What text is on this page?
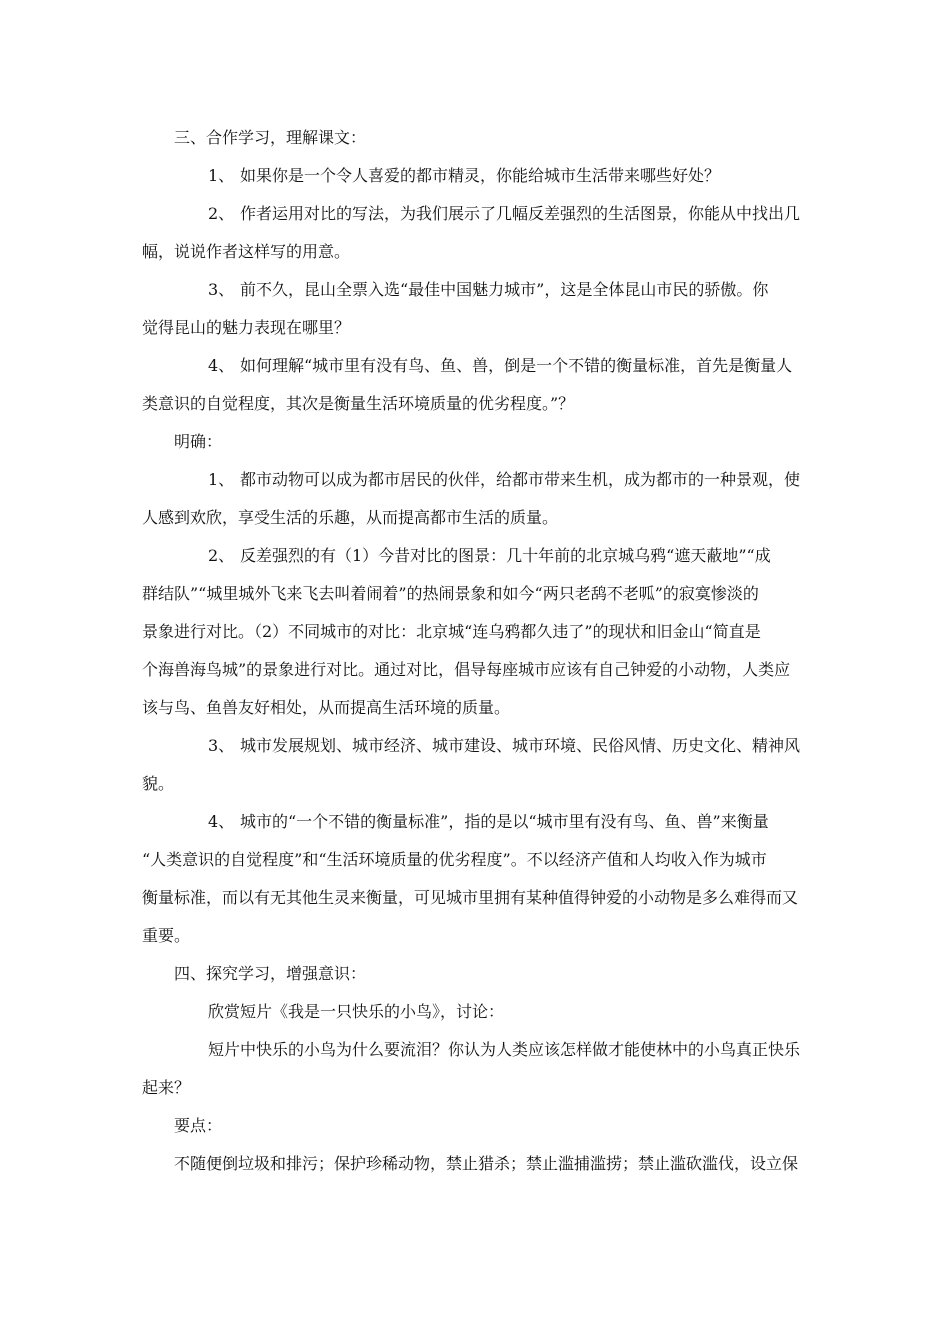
三、合作学习，理解课文：
1、 如果你是一个令人喜爱的都市精灵，你能给城市生活带来哪些好处？
2、 作者运用对比的写法，为我们展示了几幅反差强烈的生活图景，你能从中找出几
幅，说说作者这样写的用意。
3、 前不久，昆山全票入选“最佳中国魅力城市”，这是全体昆山市民的骄傲。你
觉得昆山的魅力表现在哪里？
4、 如何理解“城市里有没有鸟、鱼、兽，倒是一个不错的衡量标准，首先是衡量人
类意识的自觉程度，其次是衡量生活环境质量的优劣程度。”？
明确：
1、 都市动物可以成为都市居民的伙伴，给都市带来生机，成为都市的一种景观，使
人感到欢欣，享受生活的乐趣，从而提高都市生活的质量。
2、 反差强烈的有（1）今昔对比的图景：几十年前的北京城乌鸦“遮天蔽地”“成
群结队”“城里城外飞来飞去叫着闹着”的热闹景象和如今“两只老鸹不老呱”的寂寞惨淡的
景象进行对比。（2）不同城市的对比：北京城“连乌鸦都久违了”的现状和旧金山“简直是
个海兽海鸟城”的景象进行对比。通过对比，倡导每座城市应该有自己钟爱的小动物，人类应
该与鸟、鱼兽友好相处，从而提高生活环境的质量。
3、 城市发展规划、城市经济、城市建设、城市环境、民俗风情、历史文化、精神风
貌。
4、 城市的“一个不错的衡量标准”，指的是以“城市里有没有鸟、鱼、兽”来衡量
“人类意识的自觉程度”和“生活环境质量的优劣程度”。不以经济产值和人均收入作为城市
衡量标准，而以有无其他生灵来衡量，可见城市里拥有某种值得钟爱的小动物是多么难得而又
重要。
四、探究学习，增强意识：
欣赏短片《我是一只快乐的小鸟》，讨论：
短片中快乐的小鸟为什么要流泪？你认为人类应该怎样做才能使林中的小鸟真正快乐
起来？
要点：
不随便倒垃圾和排污；保护珍稀动物，禁止猎杀；禁止滥捕滥捞；禁止滥砍滥伐，设立保
